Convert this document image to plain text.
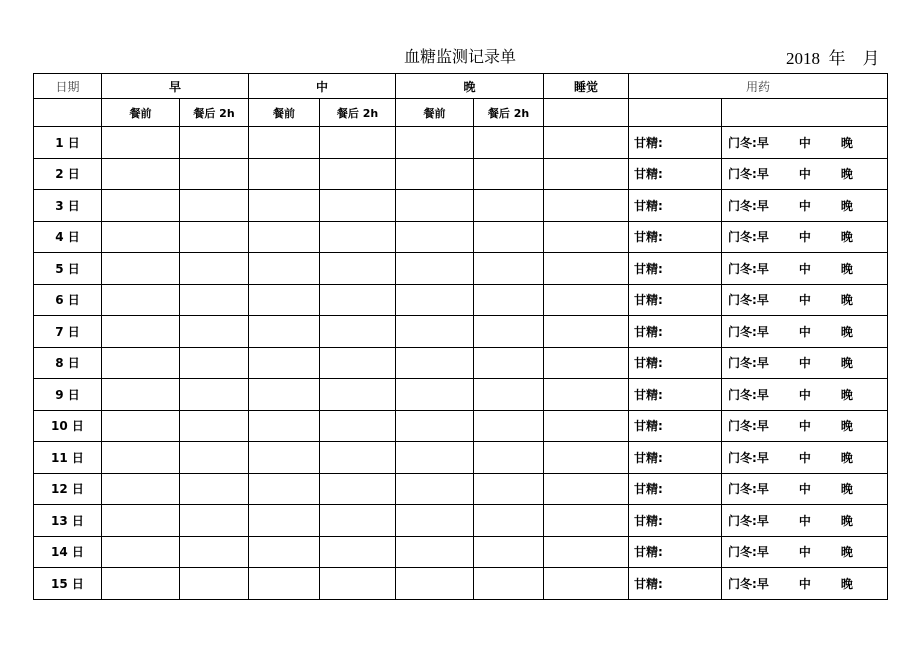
血糖监测记录单	2018  年    月
日期	早		中		晚		睡觉	用药	
	餐前	餐后 2h	餐前	餐后 2h	餐前	餐后 2h			
1 日								甘精:	门冬:早 中 晚
2 日								甘精:	门冬:早 中 晚
3 日								甘精:	门冬:早 中 晚
4 日								甘精:	门冬:早 中 晚
5 日								甘精:	门冬:早 中 晚
6 日								甘精:	门冬:早 中 晚
7 日								甘精:	门冬:早 中 晚
8 日								甘精:	门冬:早 中 晚
9 日								甘精:	门冬:早 中 晚
10 日								甘精:	门冬:早 中 晚
11 日								甘精:	门冬:早 中 晚
12 日								甘精:	门冬:早 中 晚
13 日								甘精:	门冬:早 中 晚
14 日								甘精:	门冬:早 中 晚
15 日								甘精:	门冬:早 中 晚
